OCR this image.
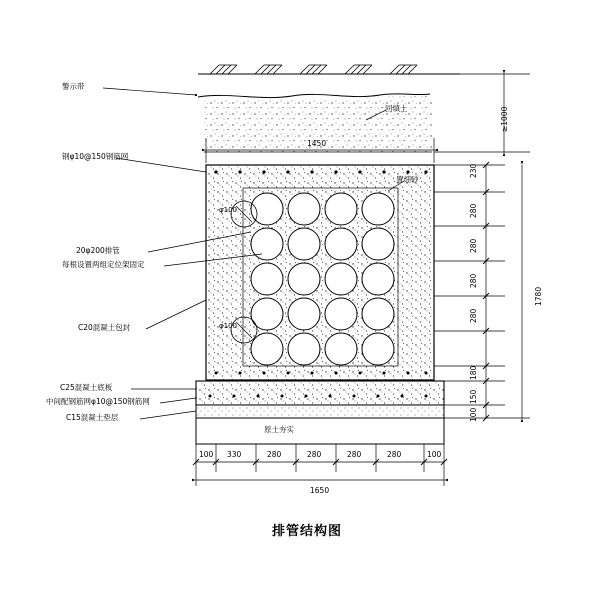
警示带
回填土
钢φ10@150钢筋网
置细砂
20φ200排管
每根设置两组定位架固定
C20混凝土包封
C25混凝土底板
中间配钢筋网φ10@150钢筋网
C15混凝土垫层
原土夯实
φ100
φ100
1450
1650
100 330	280	280	280	280	100
230
280
280
280
280
180
150
100
1780
≥1000
排管结构图
